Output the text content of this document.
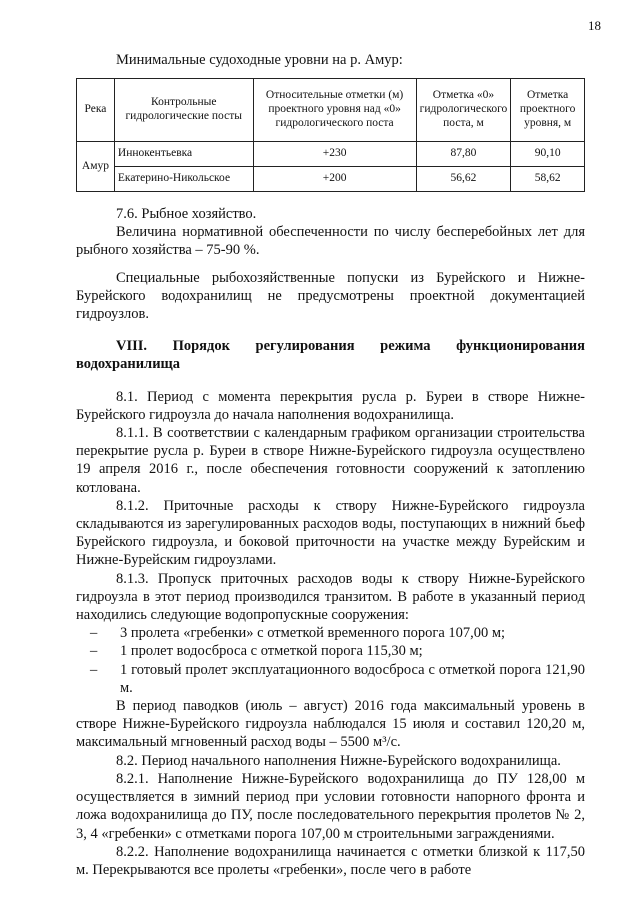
18
Минимальные судоходные уровни на р. Амур:
Река	Контрольные гидрологические посты	Относительные отметки (м) проектного уровня над «0» гидрологического поста	Отметка «0» гидрологического поста, м	Отметка проектного уровня, м
Амур	Иннокентьевка	+230	87,80	90,10
	Екатерино-Никольское	+200	56,62	58,62

7.6. Рыбное хозяйство.

Величина нормативной обеспеченности по числу бесперебойных лет для рыбного хозяйства – 75-90 %.

Специальные рыбохозяйственные попуски из Бурейского и Нижне-Бурейского водохранилищ не предусмотрены проектной документацией гидроузлов.

VIII. Порядок регулирования режима функционирования водохранилища

8.1. Период с момента перекрытия русла р. Буреи в створе Нижне-Бурейского гидроузла до начала наполнения водохранилища.

8.1.1. В соответствии с календарным графиком организации строительства перекрытие русла р. Буреи в створе Нижне-Бурейского гидроузла осуществлено 19 апреля 2016 г., после обеспечения готовности сооружений к затоплению котлована.

8.1.2. Приточные расходы к створу Нижне-Бурейского гидроузла складываются из зарегулированных расходов воды, поступающих в нижний бьеф Бурейского гидроузла, и боковой приточности на участке между Бурейским и Нижне-Бурейским гидроузлами.

8.1.3. Пропуск приточных расходов воды к створу Нижне-Бурейского гидроузла в этот период производился транзитом. В работе в указанный период находились следующие водопропускные сооружения:

– 3 пролета «гребенки» с отметкой временного порога 107,00 м;

– 1 пролет водосброса с отметкой порога 115,30 м;

– 1 готовый пролет эксплуатационного водосброса с отметкой порога 121,90 м.

В период паводков (июль – август) 2016 года максимальный уровень в створе Нижне-Бурейского гидроузла наблюдался 15 июля и составил 120,20 м, максимальный мгновенный расход воды – 5500 м³/с.

8.2. Период начального наполнения Нижне-Бурейского водохранилища.

8.2.1. Наполнение Нижне-Бурейского водохранилища до ПУ 128,00 м осуществляется в зимний период при условии готовности напорного фронта и ложа водохранилища до ПУ, после последовательного перекрытия пролетов № 2, 3, 4 «гребенки» с отметками порога 107,00 м строительными заграждениями.

8.2.2. Наполнение водохранилища начинается с отметки близкой к 117,50 м. Перекрываются все пролеты «гребенки», после чего в работе
